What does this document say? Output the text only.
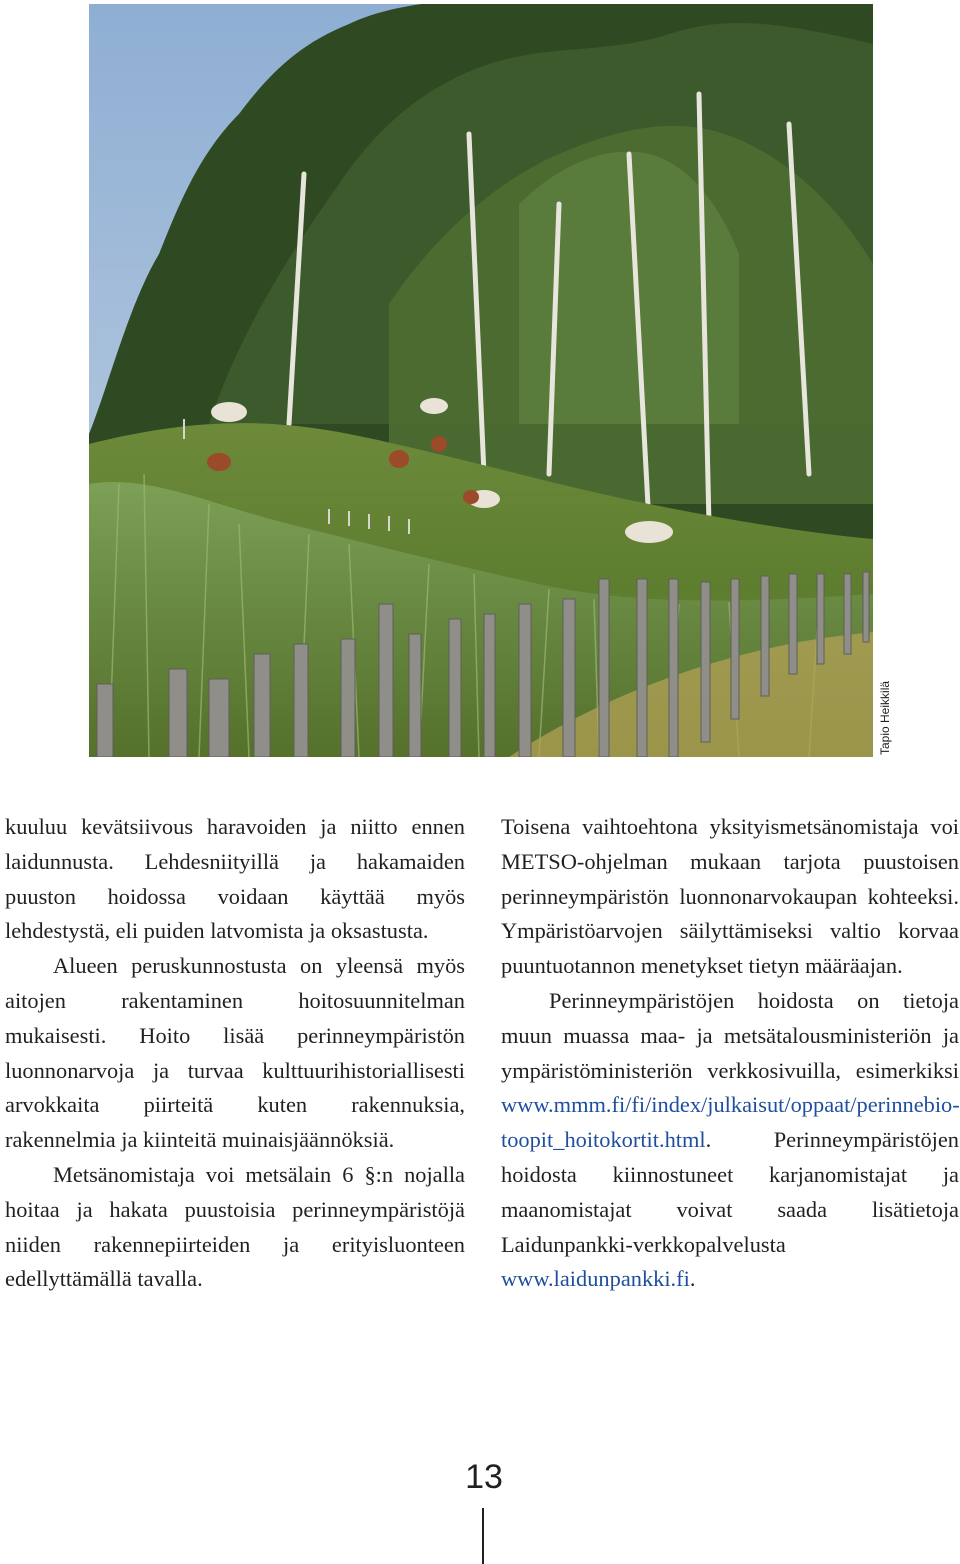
Tapio Heikkilä

kuuluu kevätsiivous haravoiden ja niitto ennen laidunnusta. Lehdesniityillä ja hakamaiden puuston hoidossa voidaan käyttää myös lehdestystä, eli puiden latvomista ja oksastusta.

Alueen peruskunnostusta on yleensä myös aitojen rakentaminen hoitosuunnitelman mukaisesti. Hoito lisää perinneympäristön luonnonarvoja ja turvaa kulttuurihistoriallisesti arvokkaita piirteitä kuten rakennuksia, rakennelmia ja kiinteitä muinaisjäännöksiä.

Metsänomistaja voi metsälain 6 §:n nojalla hoitaa ja hakata puustoisia perinneympäristöjä niiden rakennepiirteiden ja erityisluonteen edellyttämällä tavalla.

Toisena vaihtoehtona yksityismetsänomistaja voi METSO-ohjelman mukaan tarjota puustoisen perinneympäristön luonnonarvokaupan kohteeksi. Ympäristöarvojen säilyttämiseksi valtio korvaa puuntuotannon menetykset tietyn määräajan.

Perinneympäristöjen hoidosta on tietoja muun muassa maa- ja metsätalousministeriön ja ympäristöministeriön verkkosivuilla, esimerkiksi www.mmm.fi/fi/index/julkaisut/oppaat/perinnebiotoopit_hoitokortit.html. Perinneympäristöjen hoidosta kiinnostuneet karjanomistajat ja maanomistajat voivat saada lisätietoja Laidunpankki-verkkopalvelusta www.laidunpankki.fi.

13
